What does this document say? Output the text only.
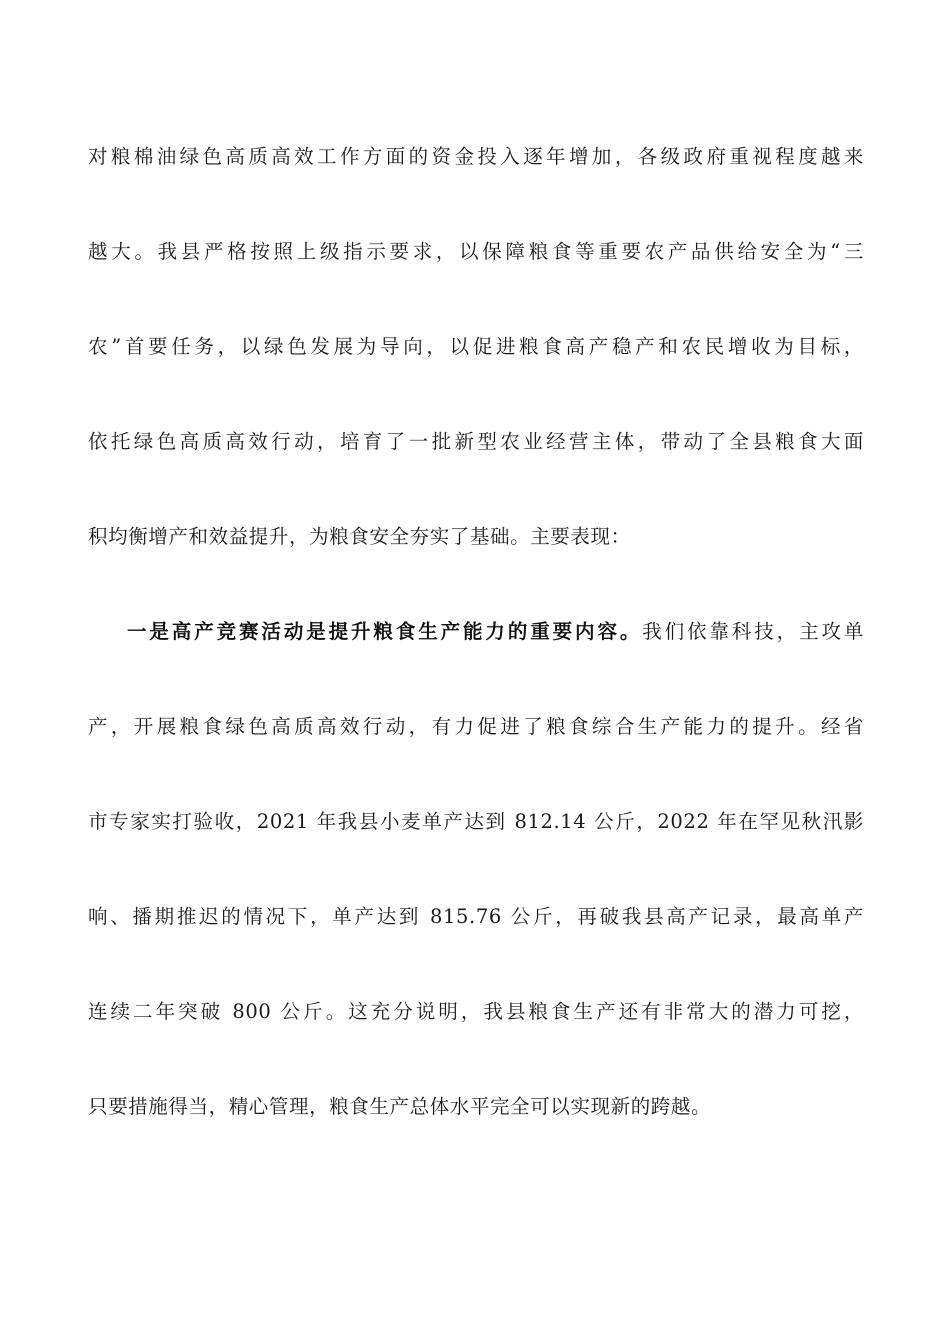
对粮棉油绿色高质高效工作方面的资金投入逐年增加，各级政府重视程度越来
越大。我县严格按照上级指示要求，以保障粮食等重要农产品供给安全为“三
农”首要任务，以绿色发展为导向，以促进粮食高产稳产和农民增收为目标，
依托绿色高质高效行动，培育了一批新型农业经营主体，带动了全县粮食大面
积均衡增产和效益提升，为粮食安全夯实了基础。主要表现：
一是高产竞赛活动是提升粮食生产能力的重要内容。我们依靠科技，主攻单
产，开展粮食绿色高质高效行动，有力促进了粮食综合生产能力的提升。经省
市专家实打验收，2021 年我县小麦单产达到 812.14 公斤，2022 年在罕见秋汛影
响、播期推迟的情况下，单产达到 815.76 公斤，再破我县高产记录，最高单产
连续二年突破 800 公斤。这充分说明，我县粮食生产还有非常大的潜力可挖，
只要措施得当，精心管理，粮食生产总体水平完全可以实现新的跨越。
